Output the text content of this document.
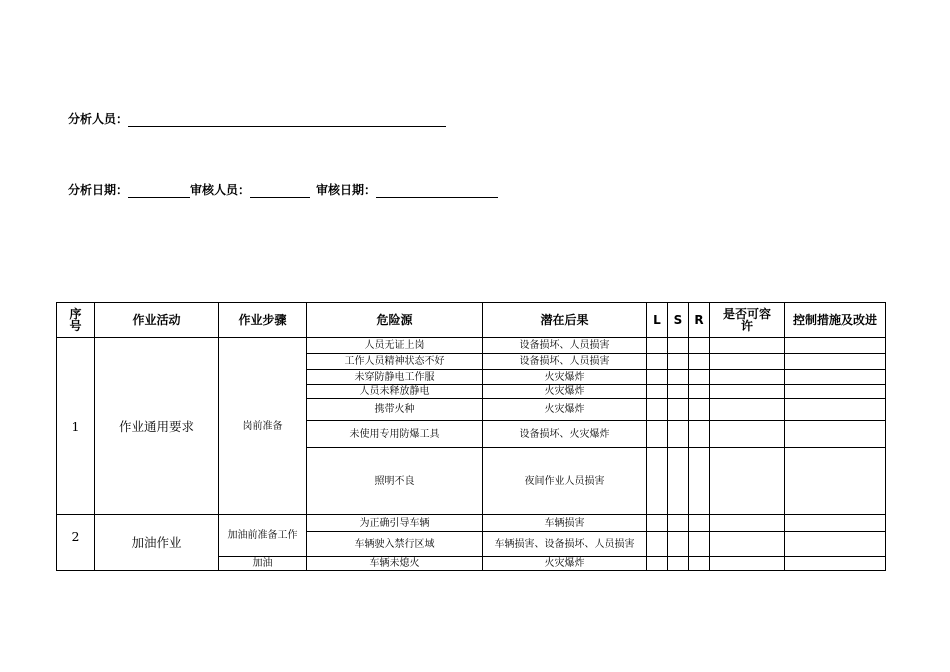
分析人员：
分析日期：	审核人员：	审核日期：
序号	作业活动	作业步骤	危险源	潜在后果	L	S	R	是否可容许	控制措施及改进
1	作业通用要求	岗前准备	人员无证上岗	设备损坏、人员损害					
			工作人员精神状态不好	设备损坏、人员损害					
			未穿防静电工作服	火灾爆炸					
			人员未释放静电	火灾爆炸					
			携带火种	火灾爆炸					
			未使用专用防爆工具	设备损坏、火灾爆炸					
			照明不良	夜间作业人员损害					
2	加油作业	加油前准备工作	为正确引导车辆	车辆损害					
			车辆驶入禁行区域	车辆损害、设备损坏、人员损害					
		加油	车辆未熄火	火灾爆炸					
